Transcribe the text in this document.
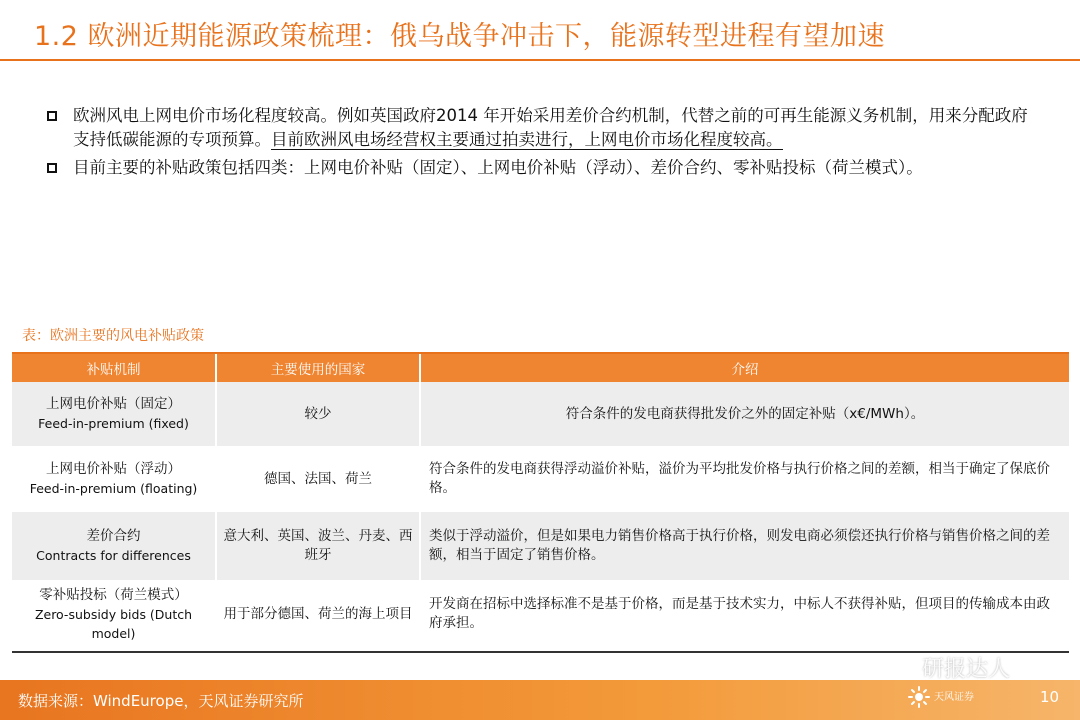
1.2 欧洲近期能源政策梳理：俄乌战争冲击下，能源转型进程有望加速
欧洲风电上网电价市场化程度较高。例如英国政府2014 年开始采用差价合约机制，代替之前的可再生能源义务机制，用来分配政府支持低碳能源的专项预算。目前欧洲风电场经营权主要通过拍卖进行，上网电价市场化程度较高。
目前主要的补贴政策包括四类：上网电价补贴（固定）、上网电价补贴（浮动）、差价合约、零补贴投标（荷兰模式）。
表：欧洲主要的风电补贴政策
补贴机制	主要使用的国家	介绍
上网电价补贴（固定）
Feed-in-premium (fixed)	较少	符合条件的发电商获得批发价之外的固定补贴（x€/MWh）。
上网电价补贴（浮动）
Feed-in-premium (floating)	德国、法国、荷兰	符合条件的发电商获得浮动溢价补贴，溢价为平均批发价格与执行价格之间的差额，相当于确定了保底价格。
差价合约
Contracts for differences	意大利、英国、波兰、丹麦、西班牙	类似于浮动溢价，但是如果电力销售价格高于执行价格，则发电商必须偿还执行价格与销售价格之间的差额，相当于固定了销售价格。
零补贴投标（荷兰模式）
Zero-subsidy bids (Dutch model)	用于部分德国、荷兰的海上项目	开发商在招标中选择标准不是基于价格，而是基于技术实力，中标人不获得补贴，但项目的传输成本由政府承担。
数据来源：WindEurope，天风证券研究所
研报达人
天风证券	10
